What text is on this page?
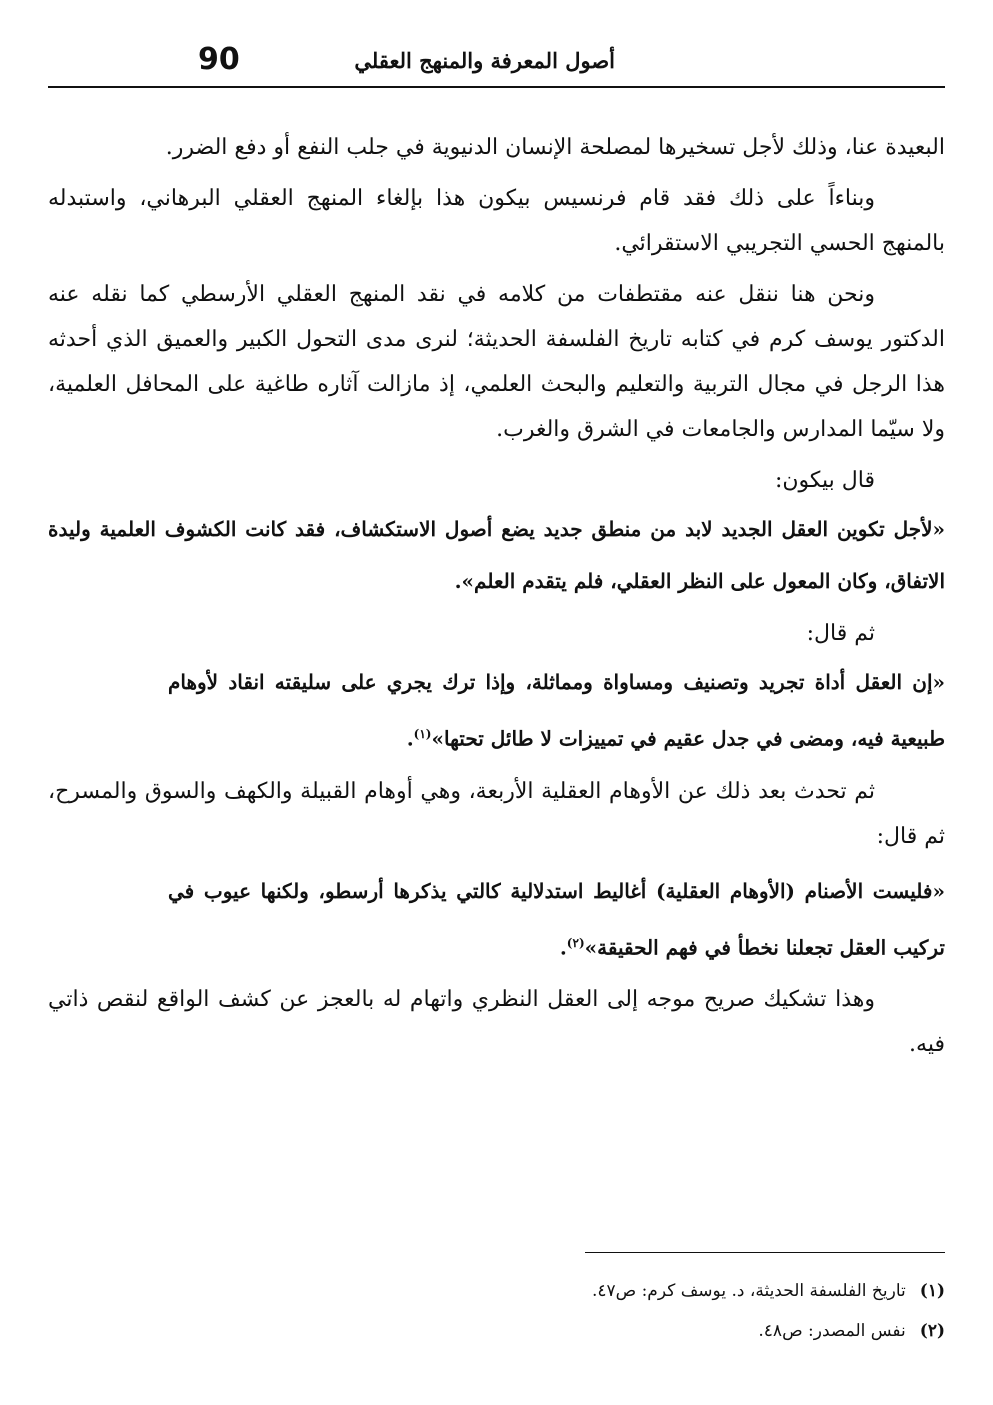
90	أصول المعرفة والمنهج العقلي

البعيدة عنا، وذلك لأجل تسخيرها لمصلحة الإنسان الدنيوية في جلب النفع أو دفع الضرر.

وبناءاً على ذلك فقد قام فرنسيس بيكون هذا بإلغاء المنهج العقلي البرهاني، واستبدله بالمنهج الحسي التجريبي الاستقرائي.

ونحن هنا ننقل عنه مقتطفات من كلامه في نقد المنهج العقلي الأرسطي كما نقله عنه الدكتور يوسف كرم في كتابه تاريخ الفلسفة الحديثة؛ لنرى مدى التحول الكبير والعميق الذي أحدثه هذا الرجل في مجال التربية والتعليم والبحث العلمي، إذ مازالت آثاره طاغية على المحافل العلمية، ولا سيّما المدارس والجامعات في الشرق والغرب.

قال بيكون:

«لأجل تكوين العقل الجديد لابد من منطق جديد يضع أصول الاستكشاف، فقد كانت الكشوف العلمية وليدة الاتفاق، وكان المعول على النظر العقلي، فلم يتقدم العلم».

ثم قال:

«إن العقل أداة تجريد وتصنيف ومساواة ومماثلة، وإذا ترك يجري على سليقته انقاد لأوهام طبيعية فيه، ومضى في جدل عقيم في تمييزات لا طائل تحتها»$^{(١)}$.

ثم تحدث بعد ذلك عن الأوهام العقلية الأربعة، وهي أوهام القبيلة والكهف والسوق والمسرح، ثم قال:

«فليست الأصنام (الأوهام العقلية) أغاليط استدلالية كالتي يذكرها أرسطو، ولكنها عيوب في تركيب العقل تجعلنا نخطأ في فهم الحقيقة»$^{(٢)}$.

وهذا تشكيك صريح موجه إلى العقل النظري واتهام له بالعجز عن كشف الواقع لنقص ذاتي فيه.

(١)تاريخ الفلسفة الحديثة، د. يوسف كرم: ص٤٧.

(٢)نفس المصدر: ص٤٨.
